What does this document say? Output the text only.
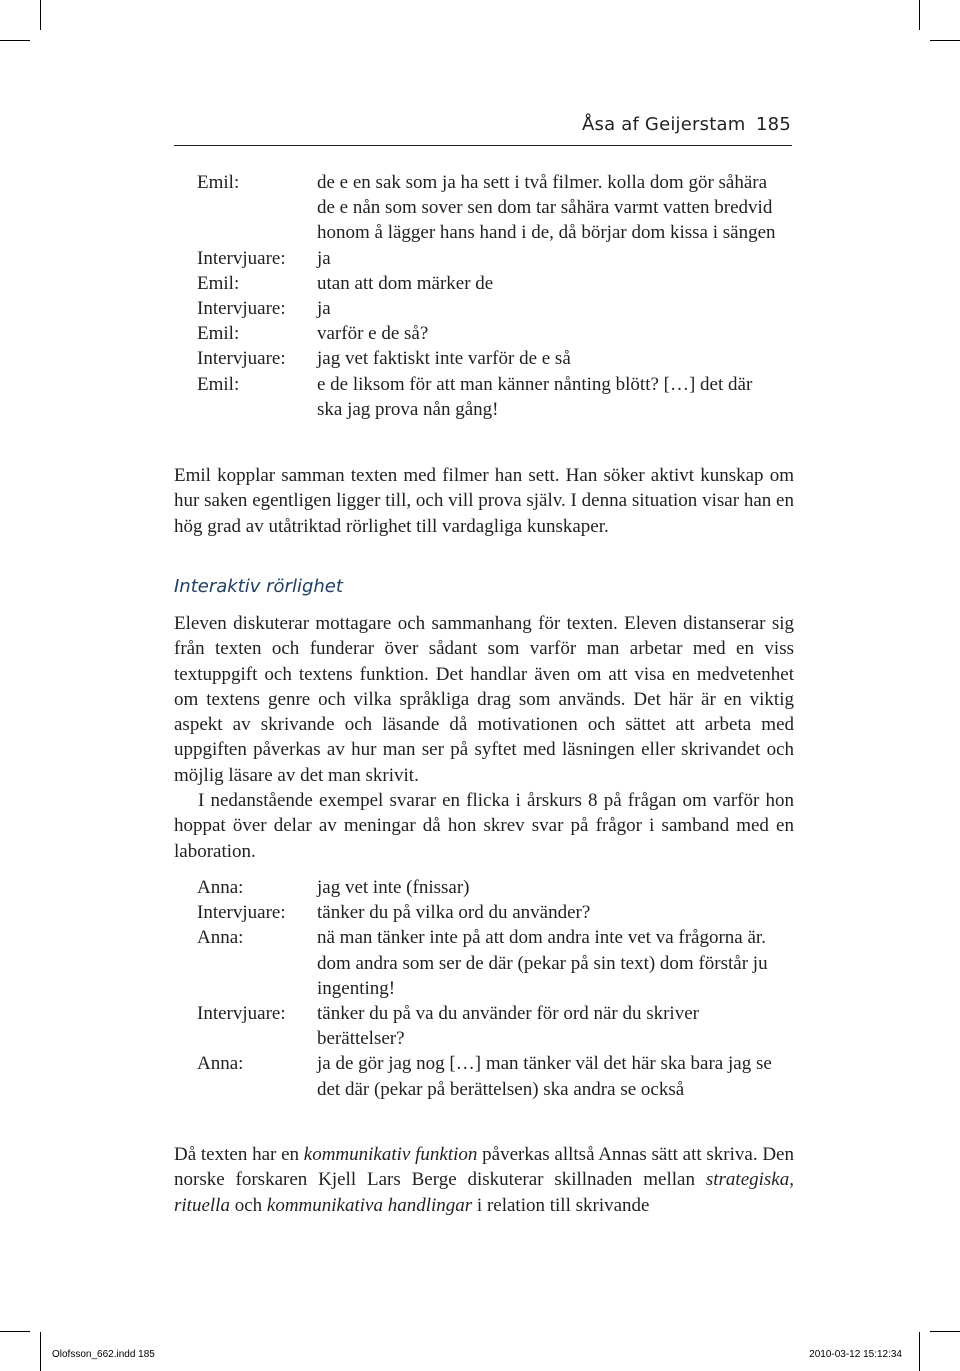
Åsa af Geijerstam 185
Emil:	de e en sak som ja ha sett i två filmer. kolla dom gör såhära de e nån som sover sen dom tar såhära varmt vatten bredvid honom å lägger hans hand i de, då börjar dom kissa i sängen
Intervjuare: ja
Emil:	utan att dom märker de
Intervjuare: ja
Emil:	varför e de så?
Intervjuare: jag vet faktiskt inte varför de e så
Emil:	e de liksom för att man känner nånting blött? […] det där ska jag prova nån gång!

Emil kopplar samman texten med filmer han sett. Han söker aktivt kunskap om hur saken egentligen ligger till, och vill prova själv. I denna situation visar han en hög grad av utåtriktad rörlighet till vardagliga kunskaper.

Interaktiv rörlighet

Eleven diskuterar mottagare och sammanhang för texten. Eleven distanserar sig från texten och funderar över sådant som varför man arbetar med en viss textuppgift och textens funktion. Det handlar även om att visa en medvetenhet om textens genre och vilka språkliga drag som används. Det här är en viktig aspekt av skrivande och läsande då motivationen och sättet att arbeta med uppgiften påverkas av hur man ser på syftet med läsningen eller skrivandet och möjlig läsare av det man skrivit.

I nedanstående exempel svarar en flicka i årskurs 8 på frågan om varför hon hoppat över delar av meningar då hon skrev svar på frågor i samband med en laboration.

Anna:	jag vet inte (fnissar)
Intervjuare: tänker du på vilka ord du använder?
Anna:	nä man tänker inte på att dom andra inte vet va frågorna är. dom andra som ser de där (pekar på sin text) dom förstår ju ingenting!
Intervjuare: tänker du på va du använder för ord när du skriver berättelser?
Anna:	ja de gör jag nog […] man tänker väl det här ska bara jag se det där (pekar på berättelsen) ska andra se också

Då texten har en kommunikativ funktion påverkas alltså Annas sätt att skriva. Den norske forskaren Kjell Lars Berge diskuterar skillnaden mellan strategiska, rituella och kommunikativa handlingar i relation till skrivande

Olofsson_662.indd 185	2010-03-12 15:12:34
